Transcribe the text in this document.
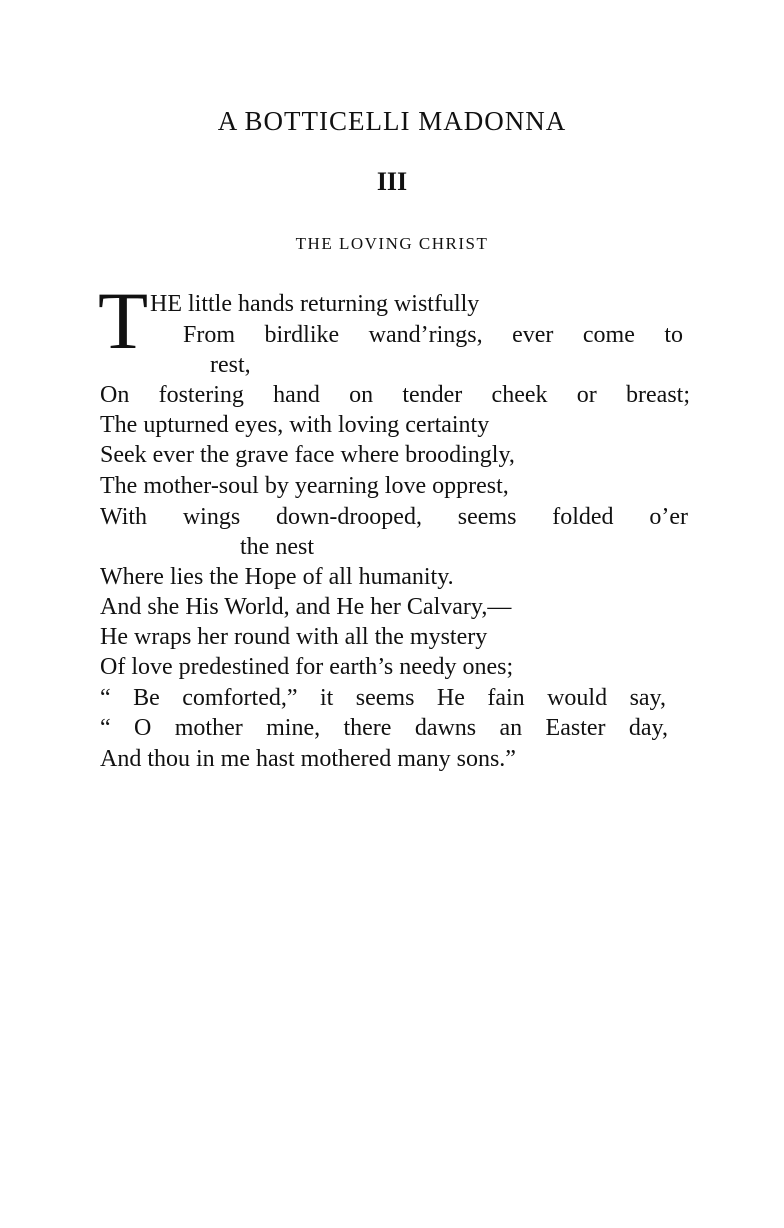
A BOTTICELLI MADONNA
III
THE LOVING CHRIST
T HE little hands returning wistfully
From birdlike wand’rings, ever come to
rest,
On fostering hand on tender cheek or breast;
The upturned eyes, with loving certainty
Seek ever the grave face where broodingly,
The mother-soul by yearning love opprest,
With wings down-drooped, seems folded o’er
the nest
Where lies the Hope of all humanity.
And she His World, and He her Calvary,—
He wraps her round with all the mystery
Of love predestined for earth’s needy ones;
“ Be comforted,” it seems He fain would say,
“ O mother mine, there dawns an Easter day,
And thou in me hast mothered many sons.”
